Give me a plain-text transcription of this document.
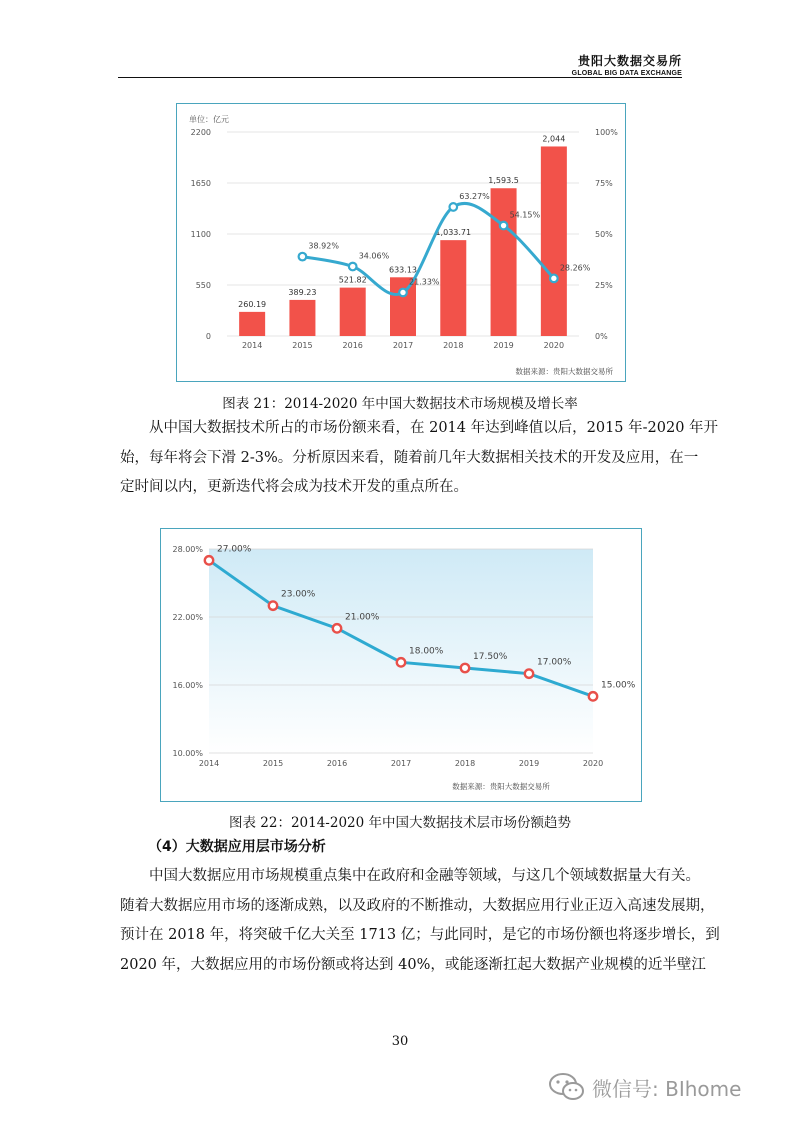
贵阳大数据交易所
GLOBAL BIG DATA EXCHANGE
单位：亿元
0
550
1100
1650
2200
0%
25%
50%
75%
100%
260.19
2014
389.23
2015
521.82
2016
633.13
2017
1,033.71
2018
1,593.5
2019
2,044
2020
38.92%
34.06%
21.33%
63.27%
54.15%
28.26%
数据来源：贵阳大数据交易所
图表 21：2014-2020 年中国大数据技术市场规模及增长率
从中国大数据技术所占的市场份额来看，在 2014 年达到峰值以后，2015 年-2020 年开
始，每年将会下滑 2-3%。分析原因来看，随着前几年大数据相关技术的开发及应用，在一
定时间以内，更新迭代将会成为技术开发的重点所在。
10.00%
16.00%
22.00%
28.00% 27.00%
2014
23.00%
2015
21.00%
2016
18.00%
2017
17.50%
2018
17.00%
2019
15.00%
2020
数据来源：贵阳大数据交易所
图表 22：2014-2020 年中国大数据技术层市场份额趋势
（4）大数据应用层市场分析
中国大数据应用市场规模重点集中在政府和金融等领域，与这几个领域数据量大有关。
随着大数据应用市场的逐渐成熟，以及政府的不断推动，大数据应用行业正迈入高速发展期，
预计在 2018 年，将突破千亿大关至 1713 亿；与此同时，是它的市场份额也将逐步增长，到
2020 年，大数据应用的市场份额或将达到 40%，或能逐渐扛起大数据产业规模的近半壁江
30
微信号: BIhome
